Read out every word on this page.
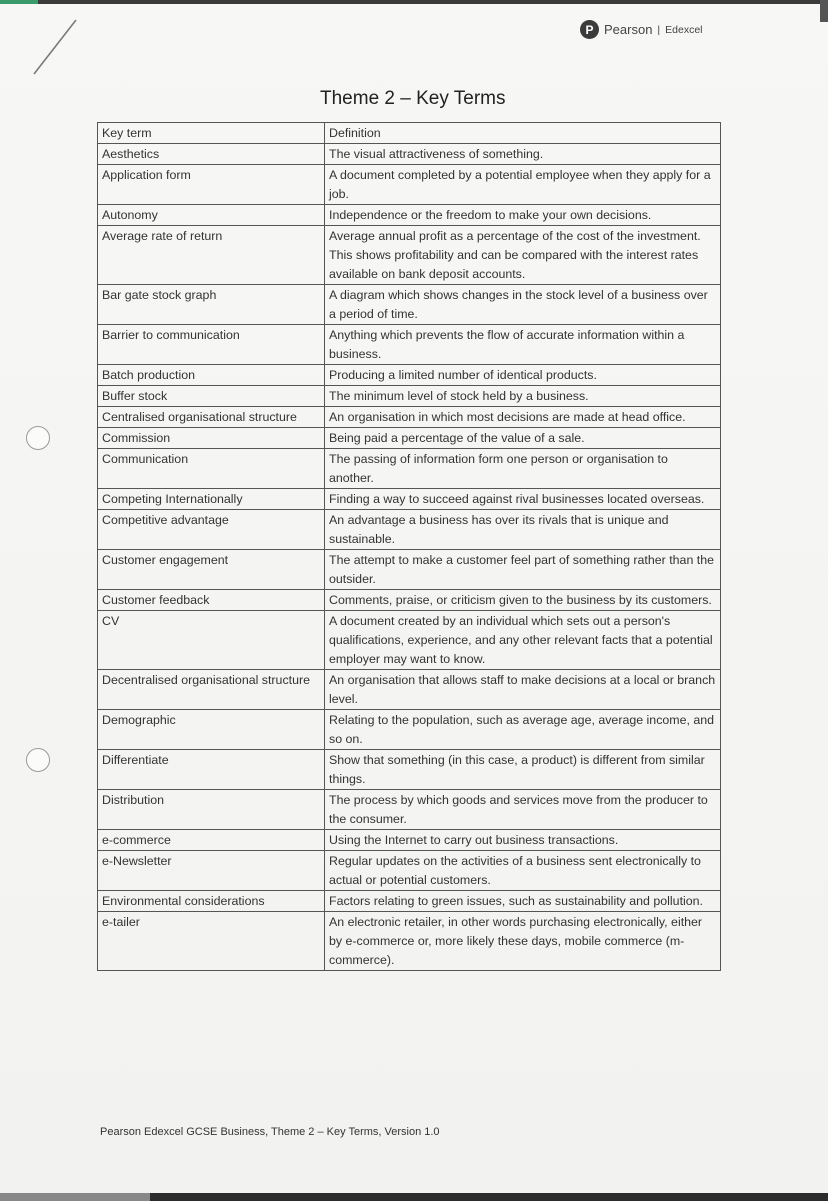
P Pearson | Edexcel
Theme 2 – Key Terms
Key term	Definition
Aesthetics	The visual attractiveness of something.
Application form	A document completed by a potential employee when they apply for a job.
Autonomy	Independence or the freedom to make your own decisions.
Average rate of return	Average annual profit as a percentage of the cost of the investment. This shows profitability and can be compared with the interest rates available on bank deposit accounts.
Bar gate stock graph	A diagram which shows changes in the stock level of a business over a period of time.
Barrier to communication	Anything which prevents the flow of accurate information within a business.
Batch production	Producing a limited number of identical products.
Buffer stock	The minimum level of stock held by a business.
Centralised organisational structure	An organisation in which most decisions are made at head office.
Commission	Being paid a percentage of the value of a sale.
Communication	The passing of information form one person or organisation to another.
Competing Internationally	Finding a way to succeed against rival businesses located overseas.
Competitive advantage	An advantage a business has over its rivals that is unique and sustainable.
Customer engagement	The attempt to make a customer feel part of something rather than the outsider.
Customer feedback	Comments, praise, or criticism given to the business by its customers.
CV	A document created by an individual which sets out a person's qualifications, experience, and any other relevant facts that a potential employer may want to know.
Decentralised organisational structure	An organisation that allows staff to make decisions at a local or branch level.
Demographic	Relating to the population, such as average age, average income, and so on.
Differentiate	Show that something (in this case, a product) is different from similar things.
Distribution	The process by which goods and services move from the producer to the consumer.
e-commerce	Using the Internet to carry out business transactions.
e-Newsletter	Regular updates on the activities of a business sent electronically to actual or potential customers.
Environmental considerations	Factors relating to green issues, such as sustainability and pollution.
e-tailer	An electronic retailer, in other words purchasing electronically, either by e-commerce or, more likely these days, mobile commerce (m-commerce).
Pearson Edexcel GCSE Business, Theme 2 – Key Terms, Version 1.0
